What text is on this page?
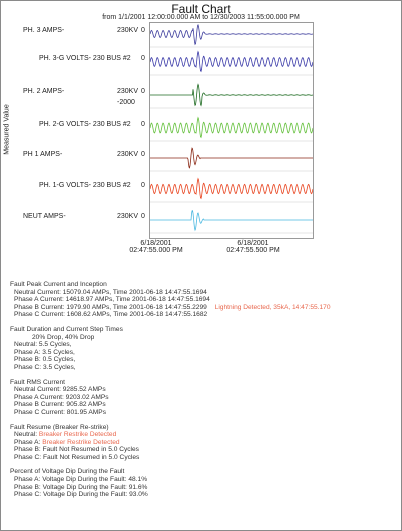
Fault Chart
from 1/1/2001 12:00:00.000 AM to 12/30/2003 11:55:00.000 PM
Measured Value
PH. 3 AMPS-	230KV 0
PH. 3-G VOLTS- 230 BUS #2 0
PH. 2 AMPS-	230KV 0
-2000
PH. 2-G VOLTS- 230 BUS #2 0
PH 1 AMPS-	230KV 0
PH. 1-G VOLTS- 230 BUS #2 0
NEUT AMPS-	230KV 0
6/18/2001
02:47:55.000 PM
6/18/2001
02:47:55.500 PM
Fault Peak Current and Inception
Neutral Current: 15079.04 AMPs, Time 2001-06-18 14:47:55.1694
Phase A Current: 14618.97 AMPs, Time 2001-06-18 14:47:55.1694
Phase B Current: 1979.90 AMPs, Time 2001-06-18 14:47:55.2299 Lightning Detected, 35kA, 14:47:55.170
Phase C Current: 1608.62 AMPs, Time 2001-06-18 14:47:55.1682
Fault Duration and Current Step Times
20% Drop, 40% Drop
Neutral: 5.5 Cycles,
Phase A: 3.5 Cycles,
Phase B: 0.5 Cycles,
Phase C: 3.5 Cycles,
Fault RMS Current
Neutral Current: 9285.52 AMPs
Phase A Current: 9203.02 AMPs
Phase B Current: 905.82 AMPs
Phase C Current: 801.95 AMPs
Fault Resume (Breaker Re-strike)
Neutral: Breaker Restrike Detected
Phase A: Breaker Restrike Detected
Phase B: Fault Not Resumed in 5.0 Cycles
Phase C: Fault Not Resumed in 5.0 Cycles
Percent of Voltage Dip During the Fault
Phase A: Voltage Dip During the Fault: 48.1%
Phase B: Voltage Dip During the Fault: 91.6%
Phase C: Voltage Dip During the Fault: 93.0%
